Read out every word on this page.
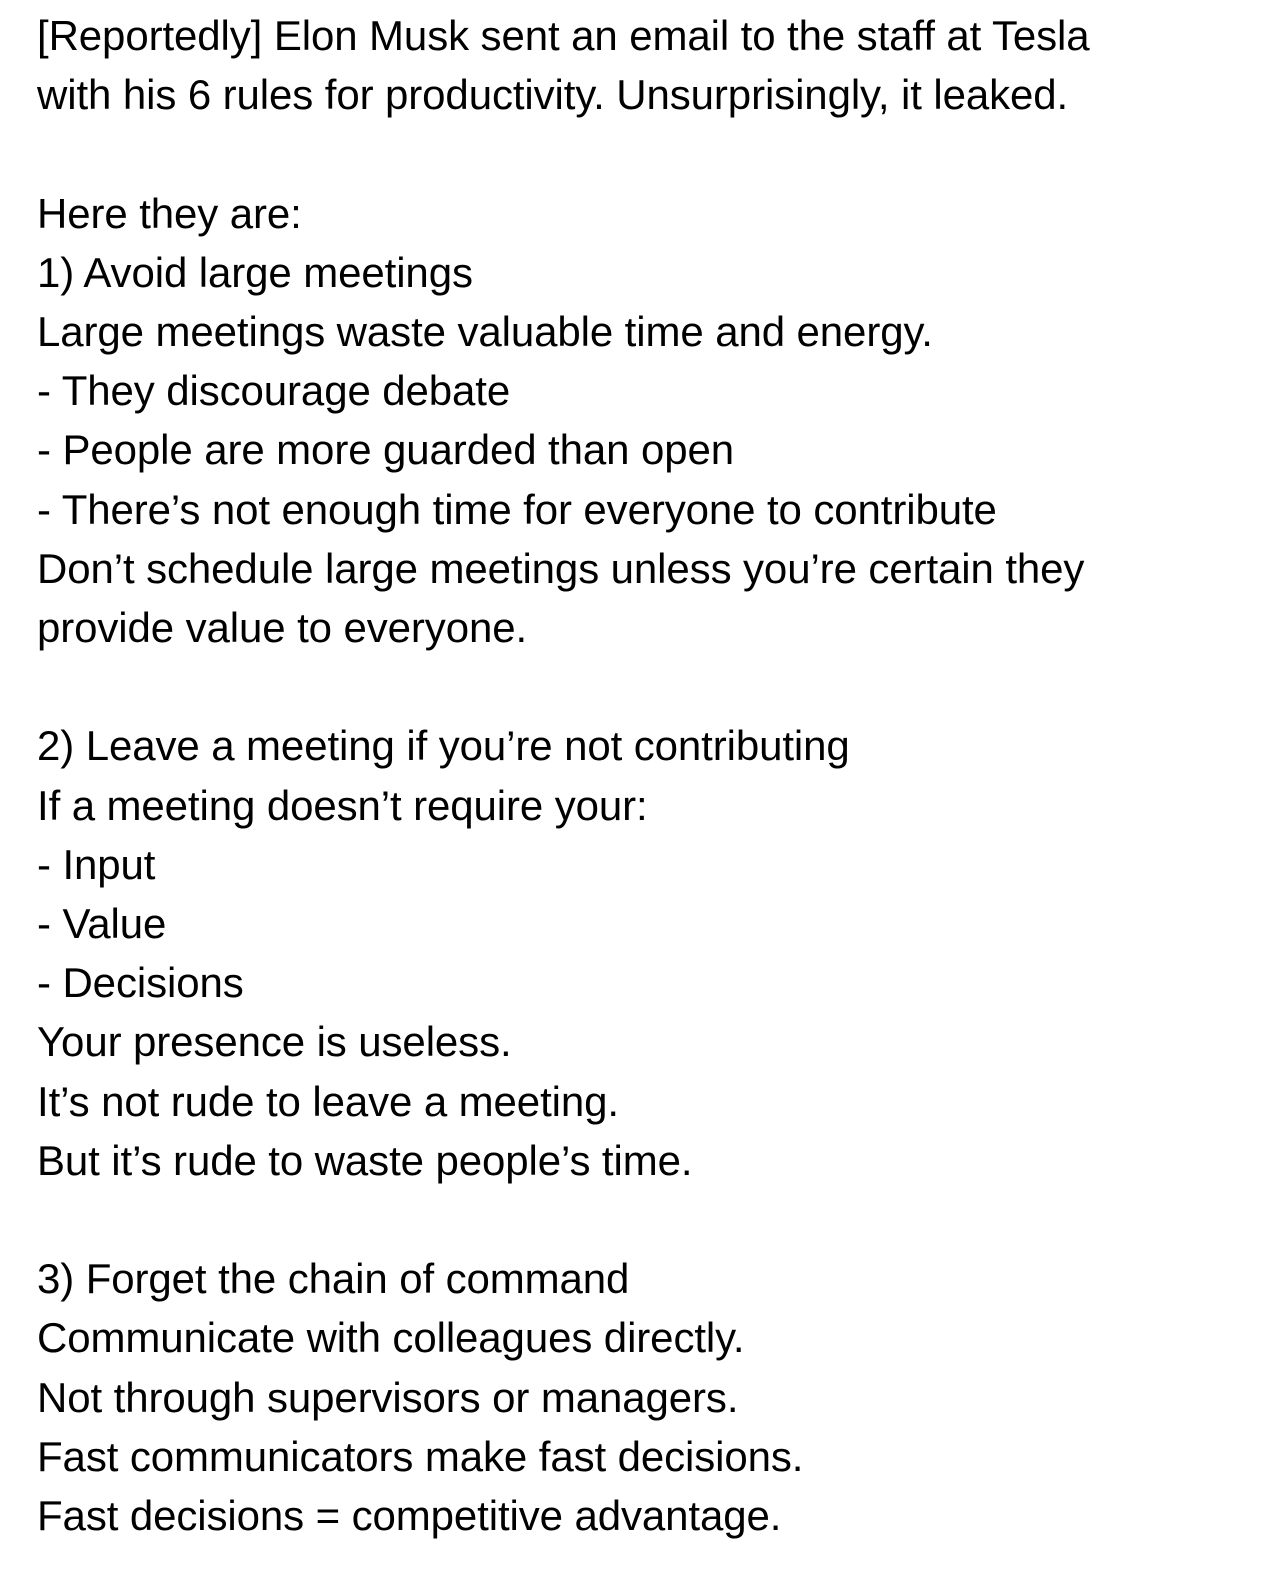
[Reportedly] Elon Musk sent an email to the staff at Tesla
with his 6 rules for productivity. Unsurprisingly, it leaked.
Here they are:
1) Avoid large meetings
Large meetings waste valuable time and energy.
- They discourage debate
- People are more guarded than open
- There’s not enough time for everyone to contribute
Don’t schedule large meetings unless you’re certain they
provide value to everyone.
2) Leave a meeting if you’re not contributing
If a meeting doesn’t require your:
- Input
- Value
- Decisions
Your presence is useless.
It’s not rude to leave a meeting.
But it’s rude to waste people’s time.
3) Forget the chain of command
Communicate with colleagues directly.
Not through supervisors or managers.
Fast communicators make fast decisions.
Fast decisions = competitive advantage.
